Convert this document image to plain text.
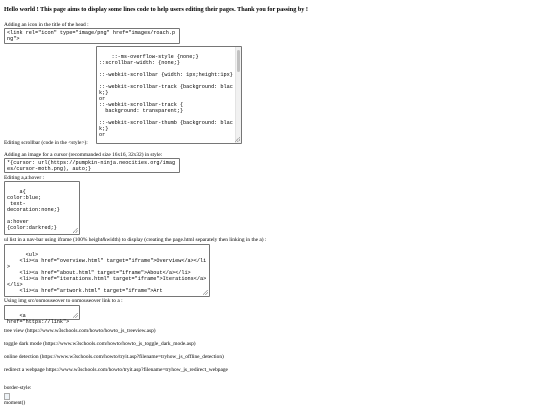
Hello world ! This page aims to display some lines code to help users editing their pages. Thank you for passing by !
Adding an icon in the title of the head :
<link rel="icon" type="image/png" href="images/roach.png">

::-ms-overflow-style {none;}
::scrollbar-width: {none;}

::-webkit-scrollbar {width: 1px;height:1px}

::-webkit-scrollbar-track {background: black;}
or
::-webkit-scrollbar-track {
background: transparent;}

::-webkit-scrollbar-thumb {background: black;}
or

Editing scrollbar (code in the <style>):
Adding an image for a cursor (recommanded size 16x16, 32x32) in style:
*{cursor: url(https://pumpkin-ninja.neocities.org/images/cursor-moth.png), auto;}
Editing a,a:hover :

a{
color:blue;
text-
decoration:none;}

a:hover
{color:darkred;}

ul list in a nav-bar using iframe (100% height&width) to display (creating the page.html separately then linking in the a) :

<ul>
<li><a href="overview.html" target="iframe">Overview</a></li>
<li><a href="about.html" target="iframe">About</a></li>
<li><a href="iterations.html" target="iframe">Iterations</a></li>
<li><a href="artwork.html" target="iframe">Art

Using img src/onmouseover to onmouseover link to a :

<a
href="https://link">

tree view (https://www.w3schools.com/howto/howto_js_treeview.asp)
toggle dark mode (https://www.w3schools.com/howto/howto_js_toggle_dark_mode.asp)
online detection (https://www.w3schools.com/howto/tryit.asp?filename=tryhow_js_offline_detection)
redirect a webpage https://www.w3schools.com/howto/tryit.asp?filename=tryhow_js_redirect_webpage
border-style:
moment()
